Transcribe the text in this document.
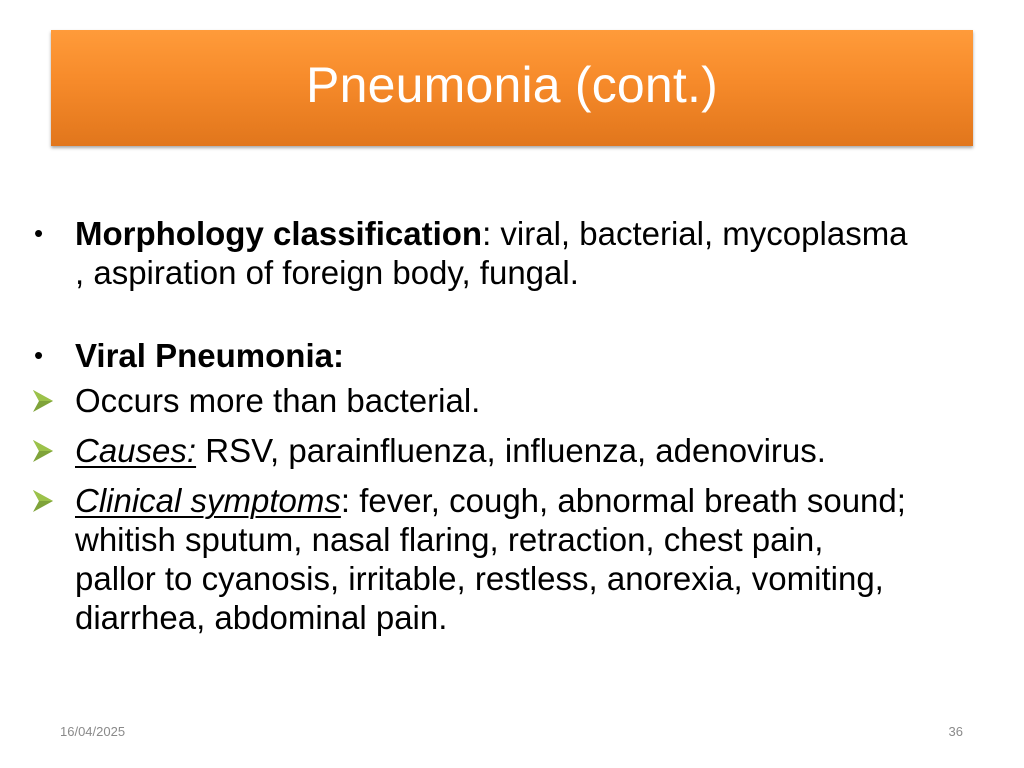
Pneumonia (cont.)
• Morphology classification: viral, bacterial, mycoplasma , aspiration of foreign body, fungal.
• Viral Pneumonia:
Occurs more than bacterial.
Causes: RSV, parainfluenza, influenza, adenovirus.
Clinical symptoms: fever, cough, abnormal breath sound; whitish sputum, nasal flaring, retraction, chest pain, pallor to cyanosis, irritable, restless, anorexia, vomiting, diarrhea, abdominal pain.
16/04/2025	36
